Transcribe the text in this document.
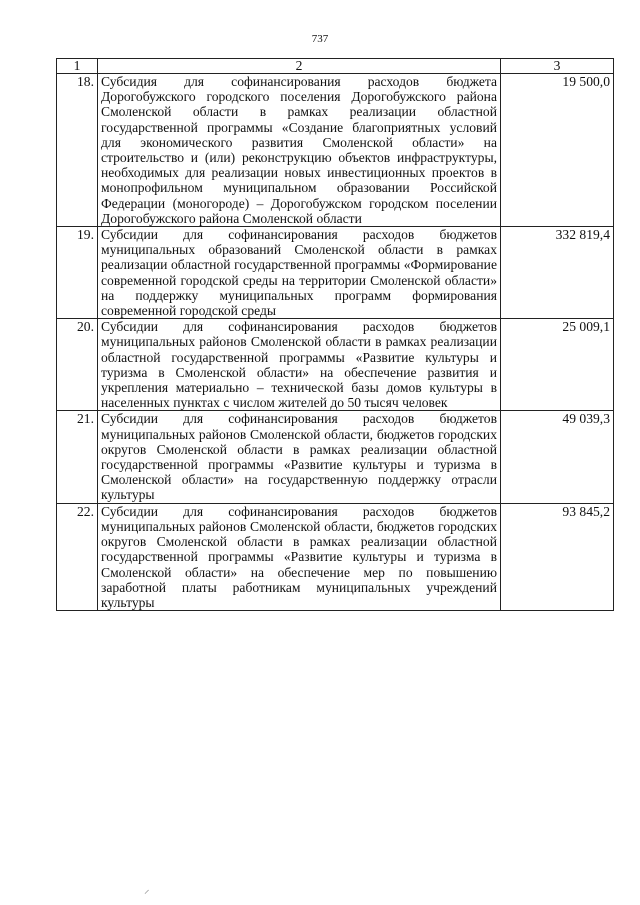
737
1	2	3
18.	Субсидия для софинансирования расходов бюджета Дорогобужского городского поселения Дорогобужского района Смоленской области в рамках реализации областной государственной программы «Создание благоприятных условий для экономического развития Смоленской области» на строительство и (или) реконструкцию объектов инфраструктуры, необходимых для реализации новых инвестиционных проектов в монопрофильном муниципальном образовании Российской Федерации (моногороде) – Дорогобужском городском поселении Дорогобужского района Смоленской области	19 500,0
19.	Субсидии для софинансирования расходов бюджетов муниципальных образований Смоленской области в рамках реализации областной государственной программы «Формирование современной городской среды на территории Смоленской области» на поддержку муниципальных программ формирования современной городской среды	332 819,4
20.	Субсидии для софинансирования расходов бюджетов муниципальных районов Смоленской области в рамках реализации областной государственной программы «Развитие культуры и туризма в Смоленской области» на обеспечение развития и укрепления материально – технической базы домов культуры в населенных пунктах с числом жителей до 50 тысяч человек	25 009,1
21.	Субсидии для софинансирования расходов бюджетов муниципальных районов Смоленской области, бюджетов городских округов Смоленской области в рамках реализации областной государственной программы «Развитие культуры и туризма в Смоленской области» на государственную поддержку отрасли культуры	49 039,3
22.	Субсидии для софинансирования расходов бюджетов муниципальных районов Смоленской области, бюджетов городских округов Смоленской области в рамках реализации областной государственной программы «Развитие культуры и туризма в Смоленской области» на обеспечение мер по повышению заработной платы работникам муниципальных учреждений культуры	93 845,2
⸝
